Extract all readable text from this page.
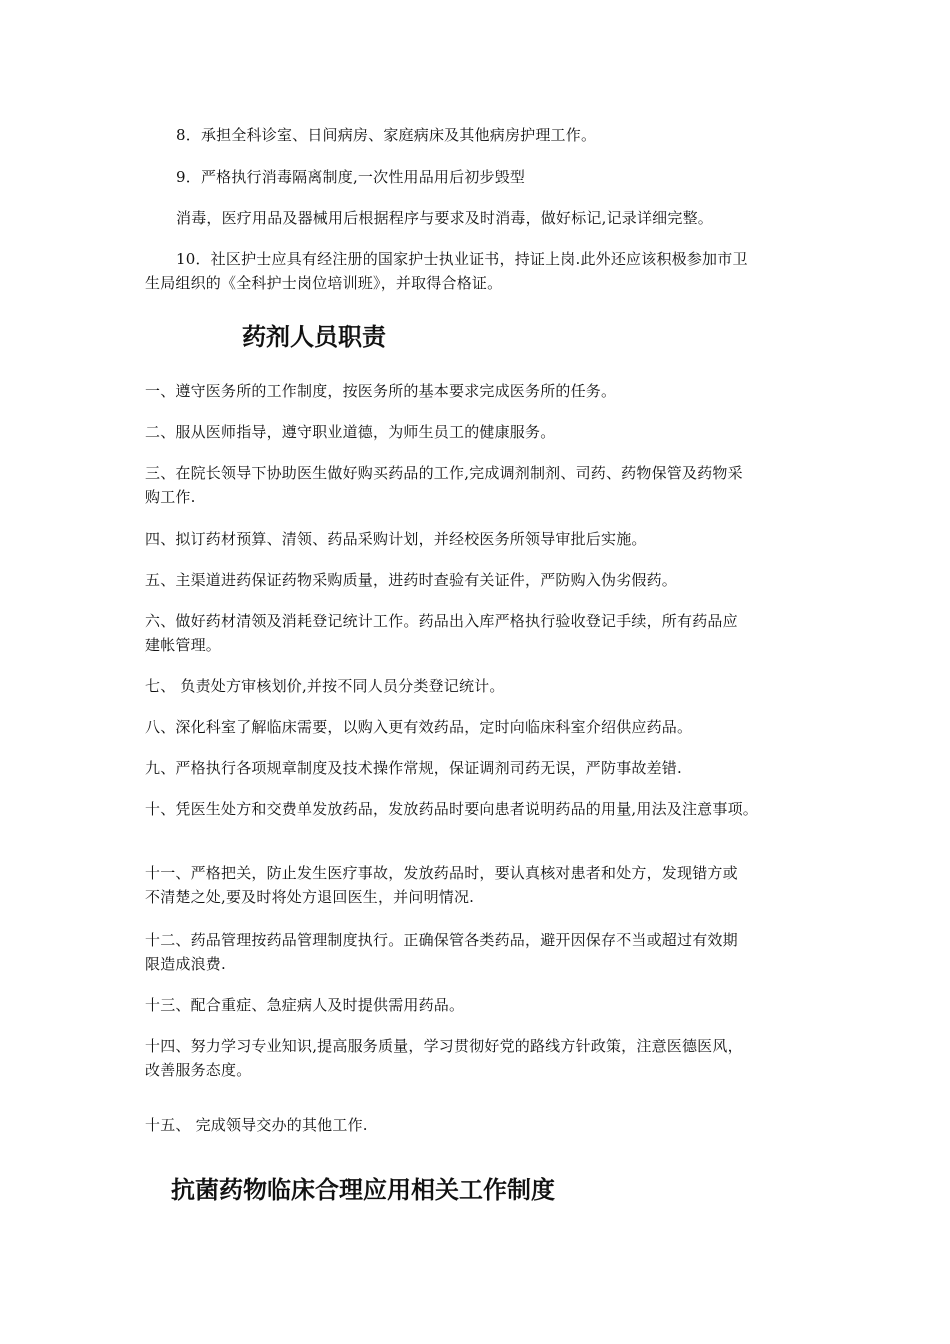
8．承担全科诊室、日间病房、家庭病床及其他病房护理工作。
9．严格执行消毒隔离制度,一次性用品用后初步毁型
消毒，医疗用品及器械用后根据程序与要求及时消毒，做好标记,记录详细完整。
10．社区护士应具有经注册的国家护士执业证书，持证上岗.此外还应该积极参加市卫
生局组织的《全科护士岗位培训班》，并取得合格证。
药剂人员职责
一、遵守医务所的工作制度，按医务所的基本要求完成医务所的任务。
二、服从医师指导，遵守职业道德，为师生员工的健康服务。
三、在院长领导下协助医生做好购买药品的工作,完成调剂制剂、司药、药物保管及药物采
购工作.
四、拟订药材预算、清领、药品采购计划，并经校医务所领导审批后实施。
五、主渠道进药保证药物采购质量，进药时查验有关证件，严防购入伪劣假药。
六、做好药材清领及消耗登记统计工作。药品出入库严格执行验收登记手续，所有药品应
建帐管理。
七、 负责处方审核划价,并按不同人员分类登记统计。
八、深化科室了解临床需要，以购入更有效药品，定时向临床科室介绍供应药品。
九、严格执行各项规章制度及技术操作常规，保证调剂司药无误，严防事故差错.
十、凭医生处方和交费单发放药品，发放药品时要向患者说明药品的用量,用法及注意事项。
十一、严格把关，防止发生医疗事故，发放药品时，要认真核对患者和处方，发现错方或
不清楚之处,要及时将处方退回医生，并问明情况.
十二、药品管理按药品管理制度执行。正确保管各类药品，避开因保存不当或超过有效期
限造成浪费.
十三、配合重症、急症病人及时提供需用药品。
十四、努力学习专业知识,提高服务质量，学习贯彻好党的路线方针政策，注意医德医风，
改善服务态度。
十五、 完成领导交办的其他工作.
抗菌药物临床合理应用相关工作制度
